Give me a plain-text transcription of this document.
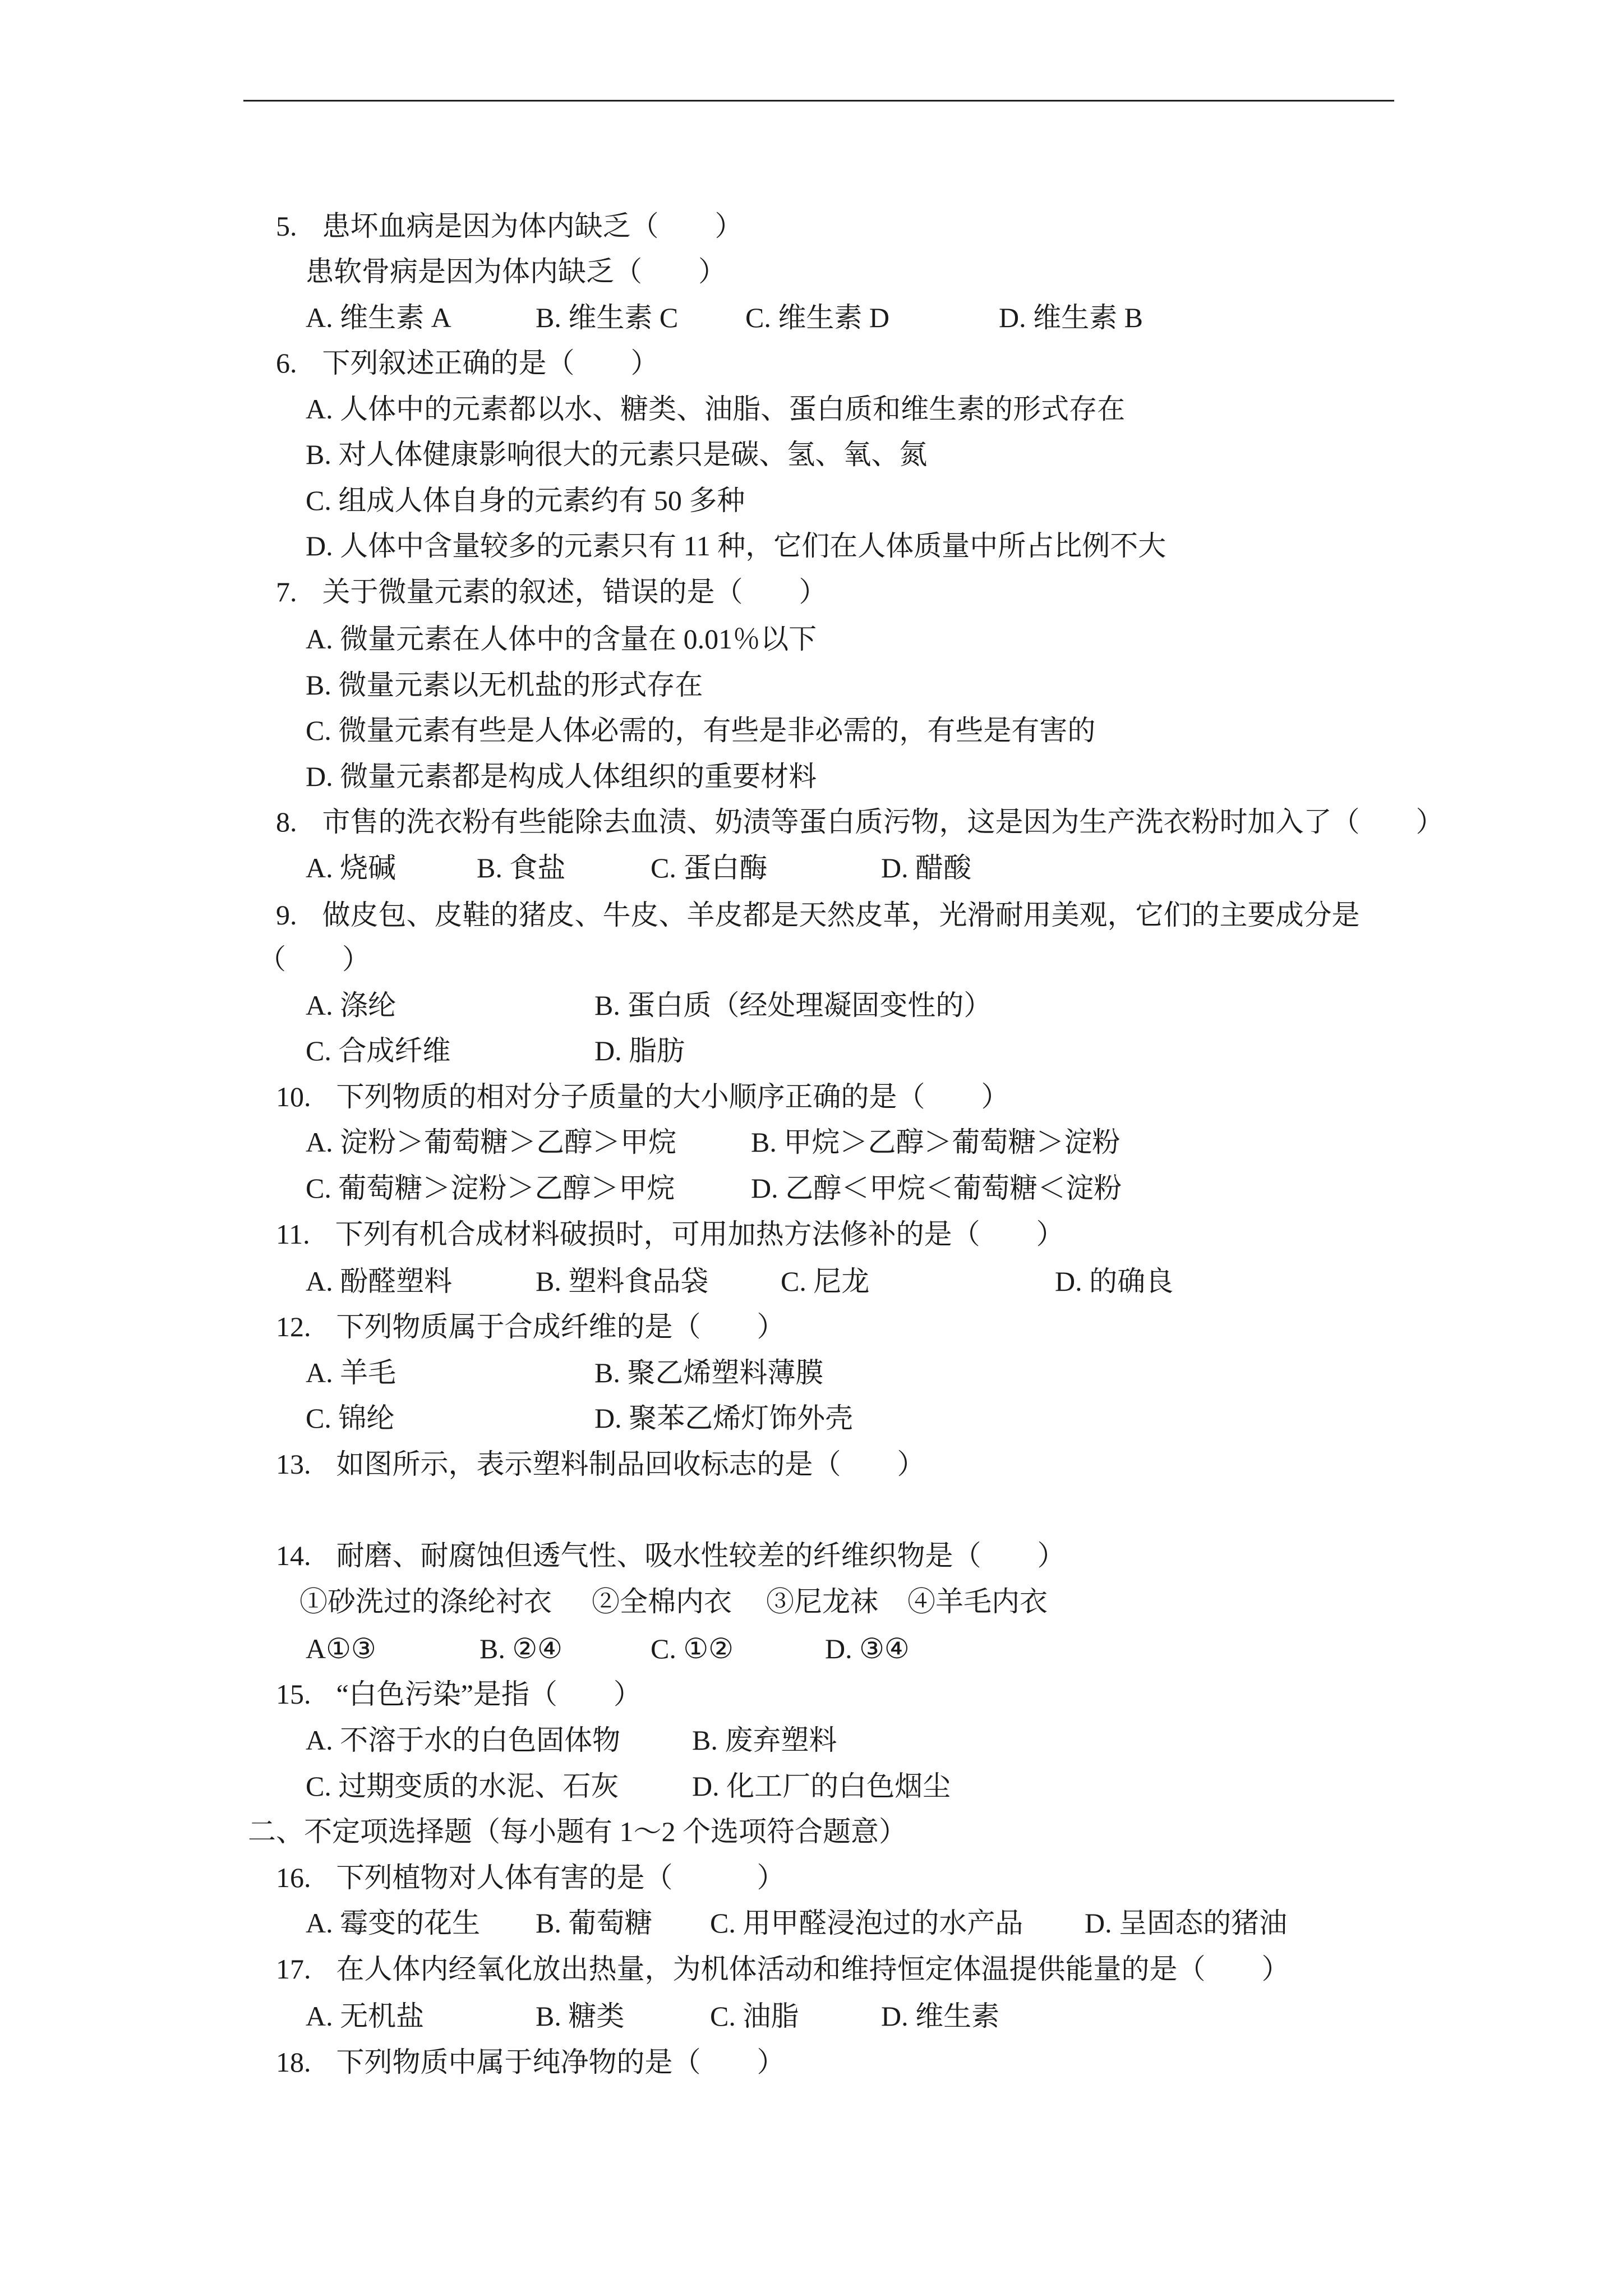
5. 患坏血病是因为体内缺乏（　　）
患软骨病是因为体内缺乏（　　）
A. 维生素 A	B. 维生素 C C. 维生素 D	D. 维生素 B
6. 下列叙述正确的是（　　）
A. 人体中的元素都以水、糖类、油脂、蛋白质和维生素的形式存在
B. 对人体健康影响很大的元素只是碳、氢、氧、氮
C. 组成人体自身的元素约有 50 多种
D. 人体中含量较多的元素只有 11 种，它们在人体质量中所占比例不大
7. 关于微量元素的叙述，错误的是（　　）
A. 微量元素在人体中的含量在 0.01％以下
B. 微量元素以无机盐的形式存在
C. 微量元素有些是人体必需的，有些是非必需的，有些是有害的
D. 微量元素都是构成人体组织的重要材料
8. 市售的洗衣粉有些能除去血渍、奶渍等蛋白质污物，这是因为生产洗衣粉时加入了（　　）
A. 烧碱	B. 食盐	C. 蛋白酶	D. 醋酸
9. 做皮包、皮鞋的猪皮、牛皮、羊皮都是天然皮革，光滑耐用美观，它们的主要成分是
（　　）
A. 涤纶	B. 蛋白质（经处理凝固变性的）
C. 合成纤维	D. 脂肪
10. 下列物质的相对分子质量的大小顺序正确的是（　　）
A. 淀粉＞葡萄糖＞乙醇＞甲烷	B. 甲烷＞乙醇＞葡萄糖＞淀粉
C. 葡萄糖＞淀粉＞乙醇＞甲烷	D. 乙醇＜甲烷＜葡萄糖＜淀粉
11. 下列有机合成材料破损时，可用加热方法修补的是（　　）
A. 酚醛塑料	B. 塑料食品袋	C. 尼龙	D. 的确良
12. 下列物质属于合成纤维的是（　　）
A. 羊毛	B. 聚乙烯塑料薄膜
C. 锦纶	D. 聚苯乙烯灯饰外壳
13. 如图所示，表示塑料制品回收标志的是（　　）
14. 耐磨、耐腐蚀但透气性、吸水性较差的纤维织物是（　　）
①砂洗过的涤纶衬衣 ②全棉内衣 ③尼龙袜 ④羊毛内衣
A①③	B. ②④	C. ①②	D. ③④
15. “白色污染”是指（　　）
A. 不溶于水的白色固体物	B. 废弃塑料
C. 过期变质的水泥、石灰	D. 化工厂的白色烟尘
二、不定项选择题（每小题有 1～2 个选项符合题意）
16. 下列植物对人体有害的是（　　　）
A. 霉变的花生 B. 葡萄糖 C. 用甲醛浸泡过的水产品 D. 呈固态的猪油
17. 在人体内经氧化放出热量，为机体活动和维持恒定体温提供能量的是（　　）
A. 无机盐	B. 糖类	C. 油脂	D. 维生素
18. 下列物质中属于纯净物的是（　　）
